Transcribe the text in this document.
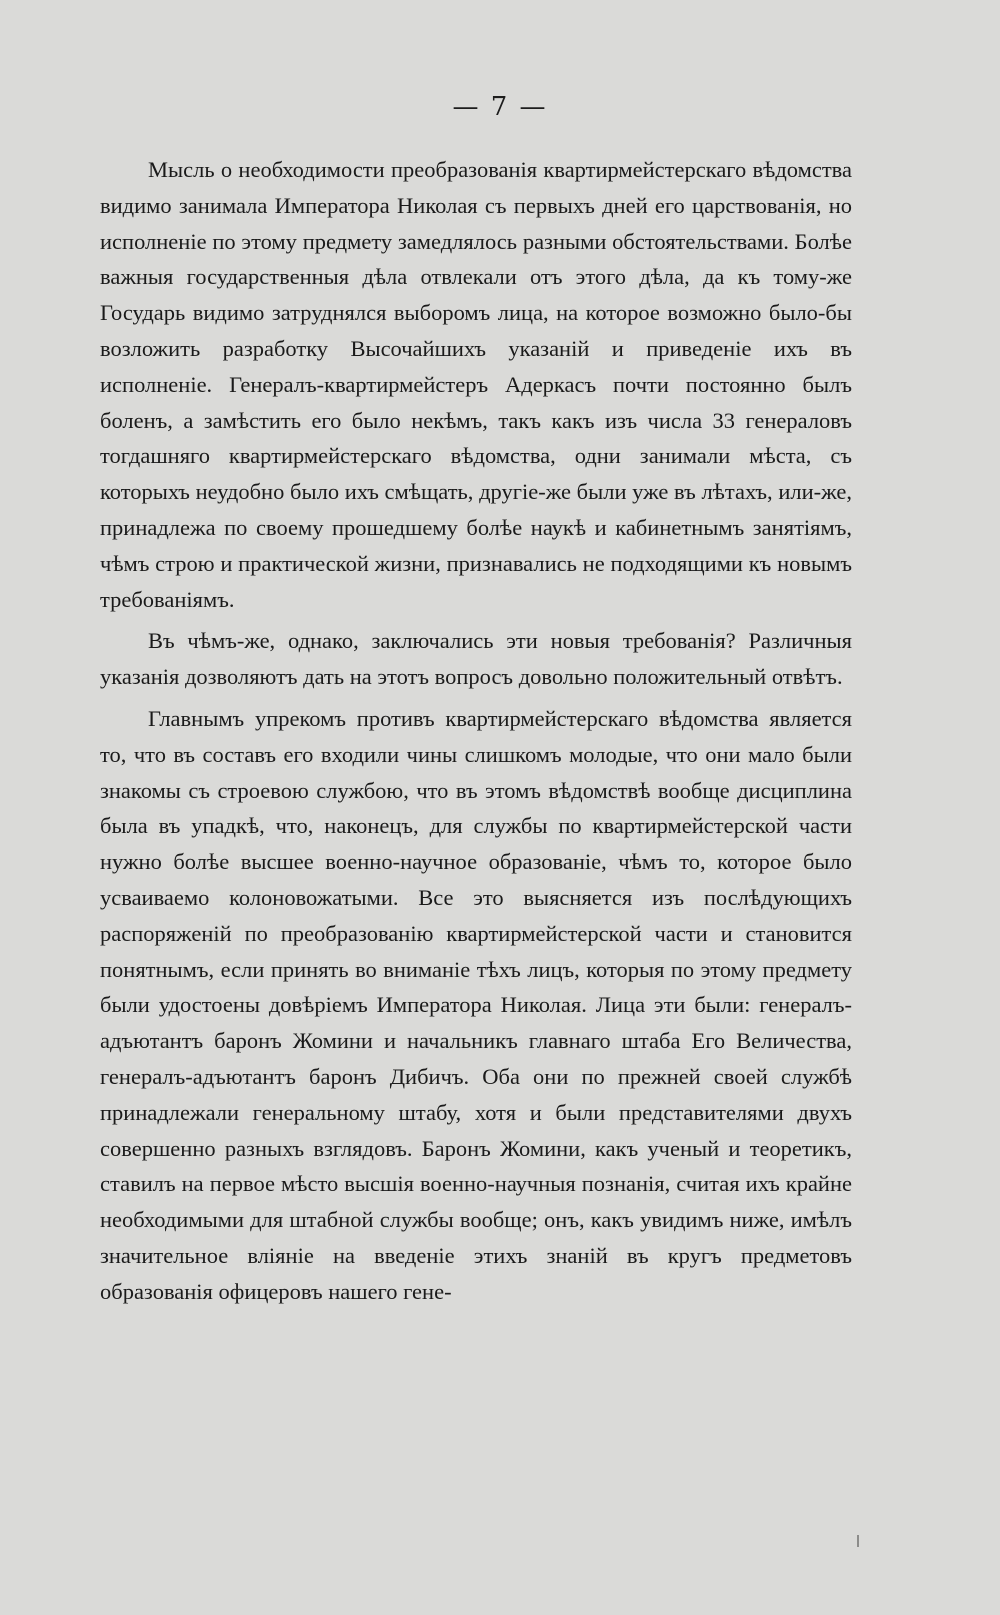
— 7 —

Мысль о необходимости преобразованія квартирмейстерскаго вѣдомства видимо занимала Императора Николая съ первыхъ дней его царствованія, но исполненіе по этому предмету замедлялось разными обстоятельствами. Болѣе важныя государственныя дѣла отвлекали отъ этого дѣла, да къ тому-же Государь видимо затруднялся выборомъ лица, на которое возможно было-бы возложить разработку Высочайшихъ указаній и приведеніе ихъ въ исполненіе. Генералъ-квартирмейстеръ Адеркасъ почти постоянно былъ боленъ, а замѣстить его было некѣмъ, такъ какъ изъ числа 33 генераловъ тогдашняго квартирмейстерскаго вѣдомства, одни занимали мѣста, съ которыхъ неудобно было ихъ смѣщать, другіе-же были уже въ лѣтахъ, или-же, принадлежа по своему прошедшему болѣе наукѣ и кабинетнымъ занятіямъ, чѣмъ строю и практической жизни, признавались не подходящими къ новымъ требованіямъ.

Въ чѣмъ-же, однако, заключались эти новыя требованія? Различныя указанія дозволяютъ дать на этотъ вопросъ довольно положительный отвѣтъ.

Главнымъ упрекомъ противъ квартирмейстерскаго вѣдомства является то, что въ составъ его входили чины слишкомъ молодые, что они мало были знакомы съ строевою службою, что въ этомъ вѣдомствѣ вообще дисциплина была въ упадкѣ, что, наконецъ, для службы по квартирмейстерской части нужно болѣе высшее военно-научное образованіе, чѣмъ то, которое было усваиваемо колоновожатыми. Все это выясняется изъ послѣдующихъ распоряженій по преобразованію квартирмейстерской части и становится понятнымъ, если принять во вниманіе тѣхъ лицъ, которыя по этому предмету были удостоены довѣріемъ Императора Николая. Лица эти были: генералъ-адъютантъ баронъ Жомини и начальникъ главнаго штаба Его Величества, генералъ-адъютантъ баронъ Дибичъ. Оба они по прежней своей службѣ принадлежали генеральному штабу, хотя и были представителями двухъ совершенно разныхъ взглядовъ. Баронъ Жомини, какъ ученый и теоретикъ, ставилъ на первое мѣсто высшія военно-научныя познанія, считая ихъ крайне необходимыми для штабной службы вообще; онъ, какъ увидимъ ниже, имѣлъ значительное вліяніе на введеніе этихъ знаній въ кругъ предметовъ образованія офицеровъ нашего гене-
